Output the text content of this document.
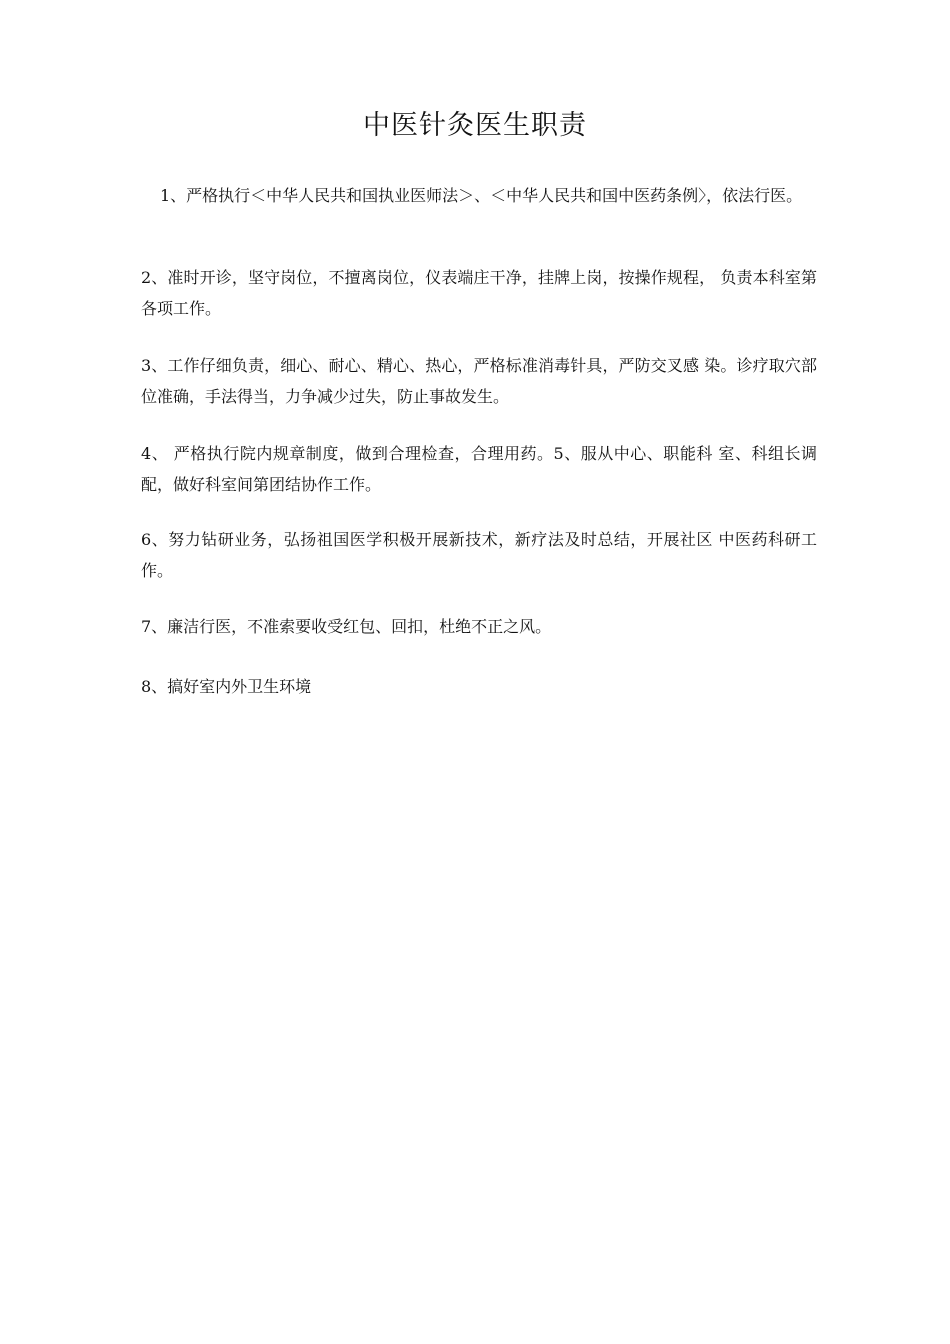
中医针灸医生职责

1、严格执行＜中华人民共和国执业医师法＞、＜中华人民共和国中医药条例〉，依法行医。

2、准时开诊，坚守岗位，不擅离岗位，仪表端庄干净，挂牌上岗，按操作规程， 负责本科室第各项工作。

3、工作仔细负责，细心、耐心、精心、热心，严格标准消毒针具，严防交叉感 染。诊疗取穴部位准确，手法得当，力争减少过失，防止事故发生。

4、 严格执行院内规章制度，做到合理检查，合理用药。5、服从中心、职能科 室、科组长调配，做好科室间第团结协作工作。

6、努力钻研业务，弘扬祖国医学积极开展新技术，新疗法及时总结，开展社区 中医药科研工作。

7、廉洁行医，不准索要收受红包、回扣，杜绝不正之风。

8、搞好室内外卫生环境
